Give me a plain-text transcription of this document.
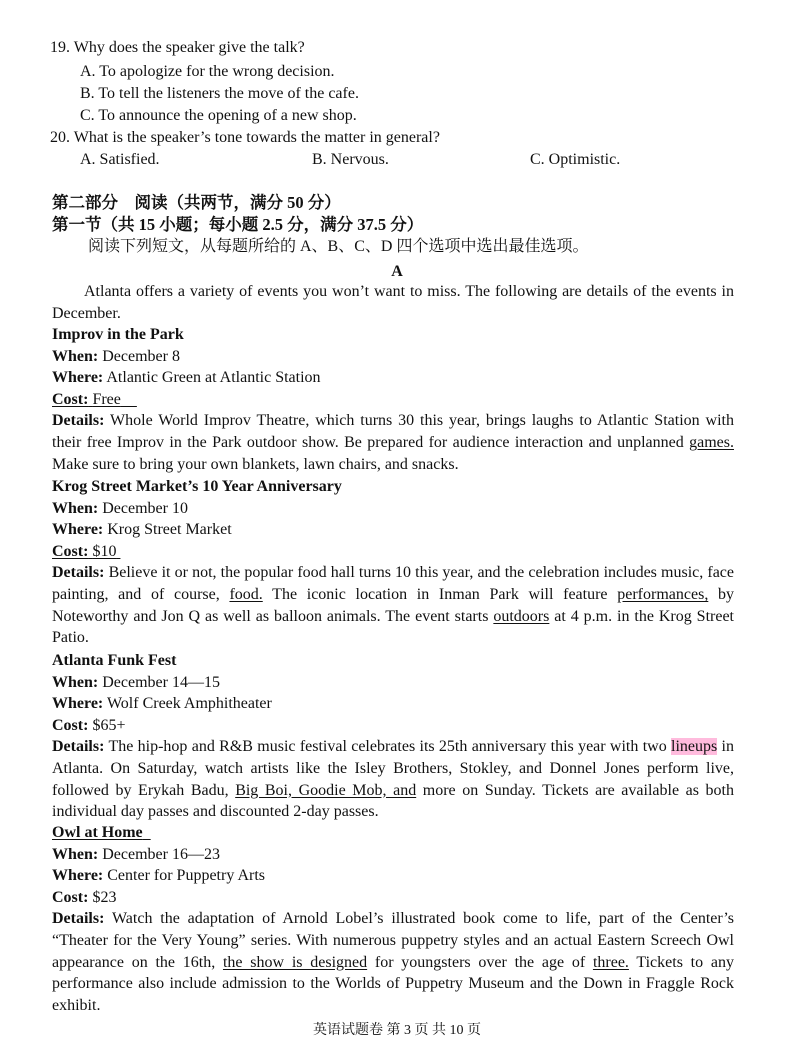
19. Why does the speaker give the talk?
A. To apologize for the wrong decision.
B. To tell the listeners the move of the cafe.
C. To announce the opening of a new shop.
20. What is the speaker’s tone towards the matter in general?
A. Satisfied.	B. Nervous.	C. Optimistic.
第二部分　阅读（共两节，满分 50 分）
第一节（共 15 小题；每小题 2.5 分，满分 37.5 分）
阅读下列短文，从每题所给的 A、B、C、D 四个选项中选出最佳选项。
A
Atlanta offers a variety of events you won’t want to miss. The following are details of the events in December.
Improv in the Park
When: December 8
Where: Atlantic Green at Atlantic Station
Cost: Free
Details: Whole World Improv Theatre, which turns 30 this year, brings laughs to Atlantic Station with their free Improv in the Park outdoor show. Be prepared for audience interaction and unplanned games. Make sure to bring your own blankets, lawn chairs, and snacks.
Krog Street Market’s 10 Year Anniversary
When: December 10
Where: Krog Street Market
Cost: $10
Details: Believe it or not, the popular food hall turns 10 this year, and the celebration includes music, face painting, and of course, food. The iconic location in Inman Park will feature performances, by Noteworthy and Jon Q as well as balloon animals. The event starts outdoors at 4 p.m. in the Krog Street Patio.
Atlanta Funk Fest
When: December 14—15
Where: Wolf Creek Amphitheater
Cost: $65+
Details: The hip-hop and R&B music festival celebrates its 25th anniversary this year with two lineups in Atlanta. On Saturday, watch artists like the Isley Brothers, Stokley, and Donnel Jones perform live, followed by Erykah Badu, Big Boi, Goodie Mob, and more on Sunday. Tickets are available as both individual day passes and discounted 2-day passes.
Owl at Home
When: December 16—23
Where: Center for Puppetry Arts
Cost: $23
Details: Watch the adaptation of Arnold Lobel’s illustrated book come to life, part of the Center’s “Theater for the Very Young” series. With numerous puppetry styles and an actual Eastern Screech Owl appearance on the 16th, the show is designed for youngsters over the age of three. Tickets to any performance also include admission to the Worlds of Puppetry Museum and the Down in Fraggle Rock exhibit.
英语试题卷 第 3 页 共 10 页
